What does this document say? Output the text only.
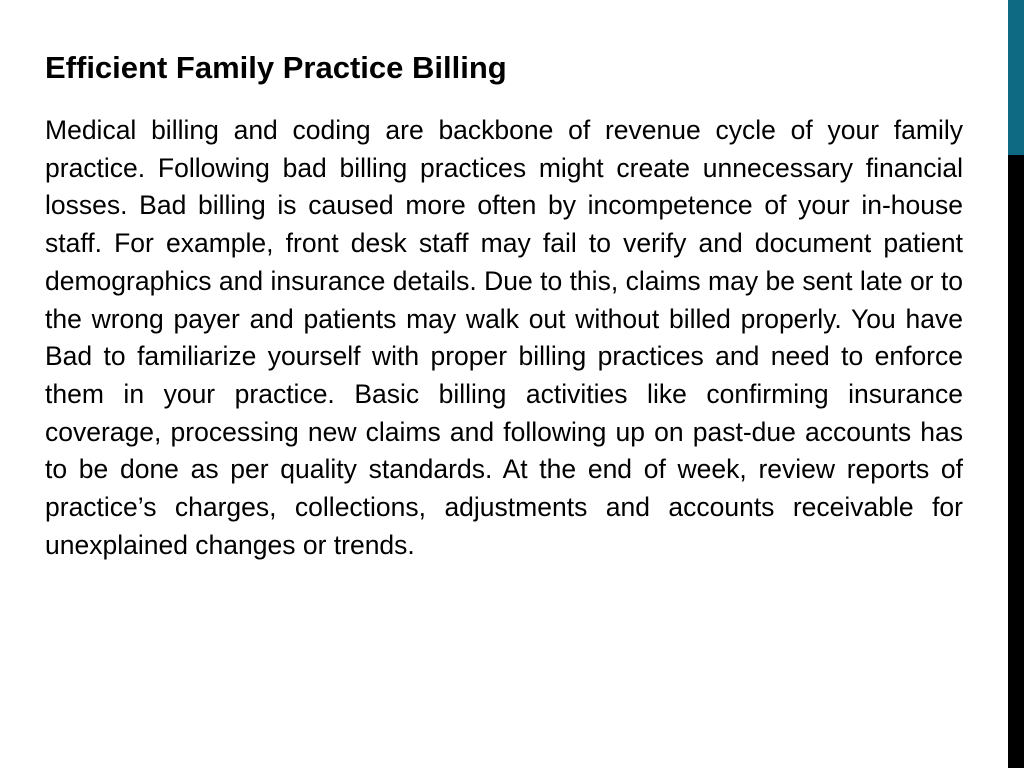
Efficient Family Practice Billing

Medical billing and coding are backbone of revenue cycle of your family practice. Following bad billing practices might create unnecessary financial losses. Bad billing is caused more often by incompetence of your in-house staff. For example, front desk staff may fail to verify and document patient demographics and insurance details. Due to this, claims may be sent late or to the wrong payer and patients may walk out without billed properly. You have Bad to familiarize yourself with proper billing practices and need to enforce them in your practice. Basic billing activities like confirming insurance coverage, processing new claims and following up on past-due accounts has to be done as per quality standards. At the end of week, review reports of practice’s charges, collections, adjustments and accounts receivable for unexplained changes or trends.
